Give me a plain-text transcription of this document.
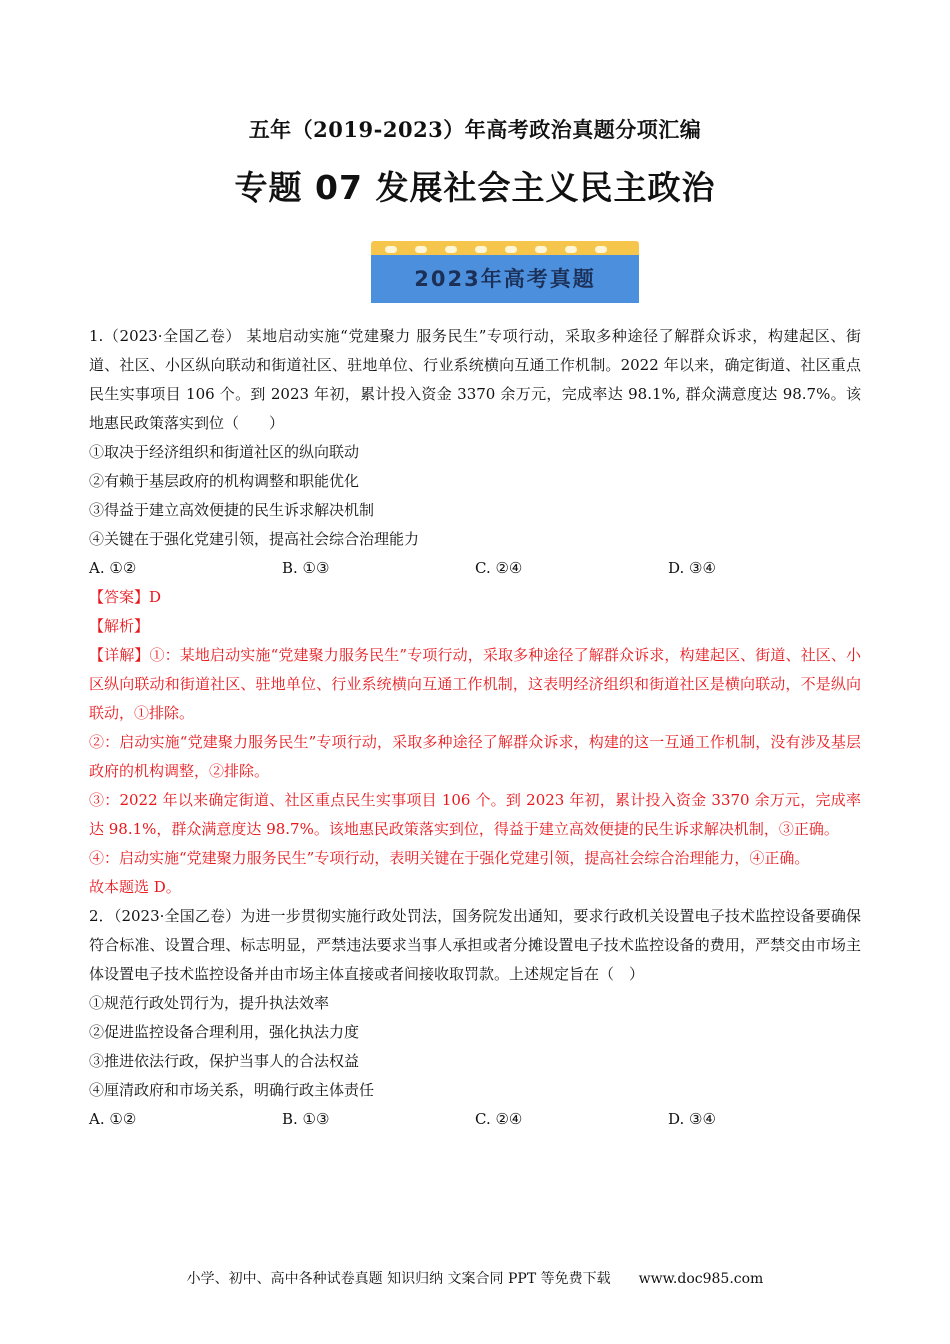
五年（2019-2023）年高考政治真题分项汇编
专题 07 发展社会主义民主政治
2023年高考真题

1.（2023·全国乙卷） 某地启动实施“党建聚力 服务民生”专项行动，采取多种途径了解群众诉求，构建起区、街道、社区、小区纵向联动和街道社区、驻地单位、行业系统横向互通工作机制。2022 年以来，确定街道、社区重点民生实事项目 106 个。到 2023 年初，累计投入资金 3370 余万元，完成率达 98.1%, 群众满意度达 98.7%。该地惠民政策落实到位（　　）

①取决于经济组织和街道社区的纵向联动

②有赖于基层政府的机构调整和职能优化

③得益于建立高效便捷的民生诉求解决机制

④关键在于强化党建引领，提高社会综合治理能力

A. ①②	B. ①③	C. ②④	D. ③④

【答案】D

【解析】

【详解】①：某地启动实施“党建聚力服务民生”专项行动，采取多种途径了解群众诉求，构建起区、街道、社区、小区纵向联动和街道社区、驻地单位、行业系统横向互通工作机制，这表明经济组织和街道社区是横向联动，不是纵向联动，①排除。

②：启动实施“党建聚力服务民生”专项行动，采取多种途径了解群众诉求，构建的这一互通工作机制，没有涉及基层政府的机构调整，②排除。

③：2022 年以来确定街道、社区重点民生实事项目 106 个。到 2023 年初，累计投入资金 3370 余万元，完成率达 98.1%，群众满意度达 98.7%。该地惠民政策落实到位，得益于建立高效便捷的民生诉求解决机制，③正确。

④：启动实施“党建聚力服务民生”专项行动，表明关键在于强化党建引领，提高社会综合治理能力，④正确。

故本题选 D。

2．（2023·全国乙卷）为进一步贯彻实施行政处罚法，国务院发出通知，要求行政机关设置电子技术监控设备要确保符合标准、设置合理、标志明显，严禁违法要求当事人承担或者分摊设置电子技术监控设备的费用，严禁交由市场主体设置电子技术监控设备并由市场主体直接或者间接收取罚款。上述规定旨在（　）

①规范行政处罚行为，提升执法效率

②促进监控设备合理利用，强化执法力度

③推进依法行政，保护当事人的合法权益

④厘清政府和市场关系，明确行政主体责任

A. ①②	B. ①③	C. ②④	D. ③④
小学、初中、高中各种试卷真题 知识归纳 文案合同 PPT 等免费下载　　www.doc985.com
